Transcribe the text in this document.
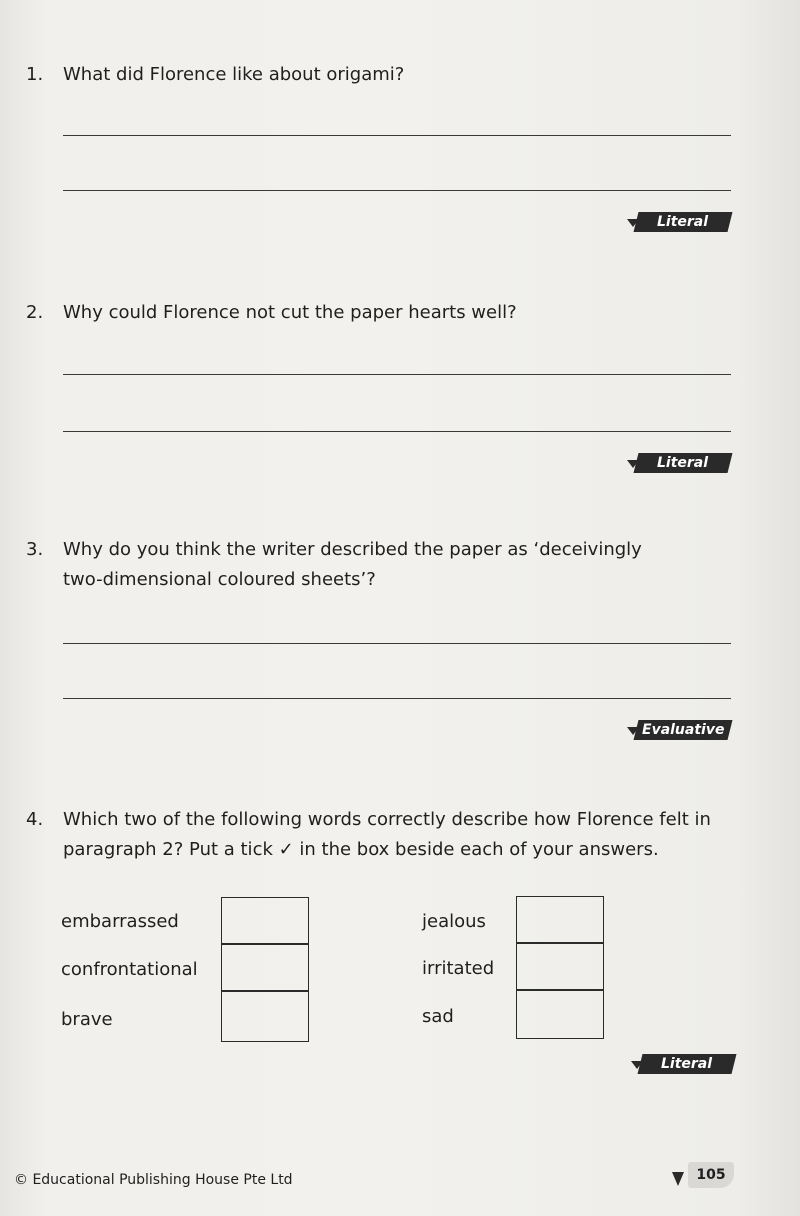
1.	What did Florence like about origami?
Literal
2.	Why could Florence not cut the paper hearts well?
Literal
3.	Why do you think the writer described the paper as ‘deceivingly
two-dimensional coloured sheets’?
Evaluative
4.	Which two of the following words correctly describe how Florence felt in
paragraph 2? Put a tick ✓ in the box beside each of your answers.
embarrassed
confrontational
brave
jealous
irritated
sad
Literal
© Educational Publishing House Pte Ltd	105
